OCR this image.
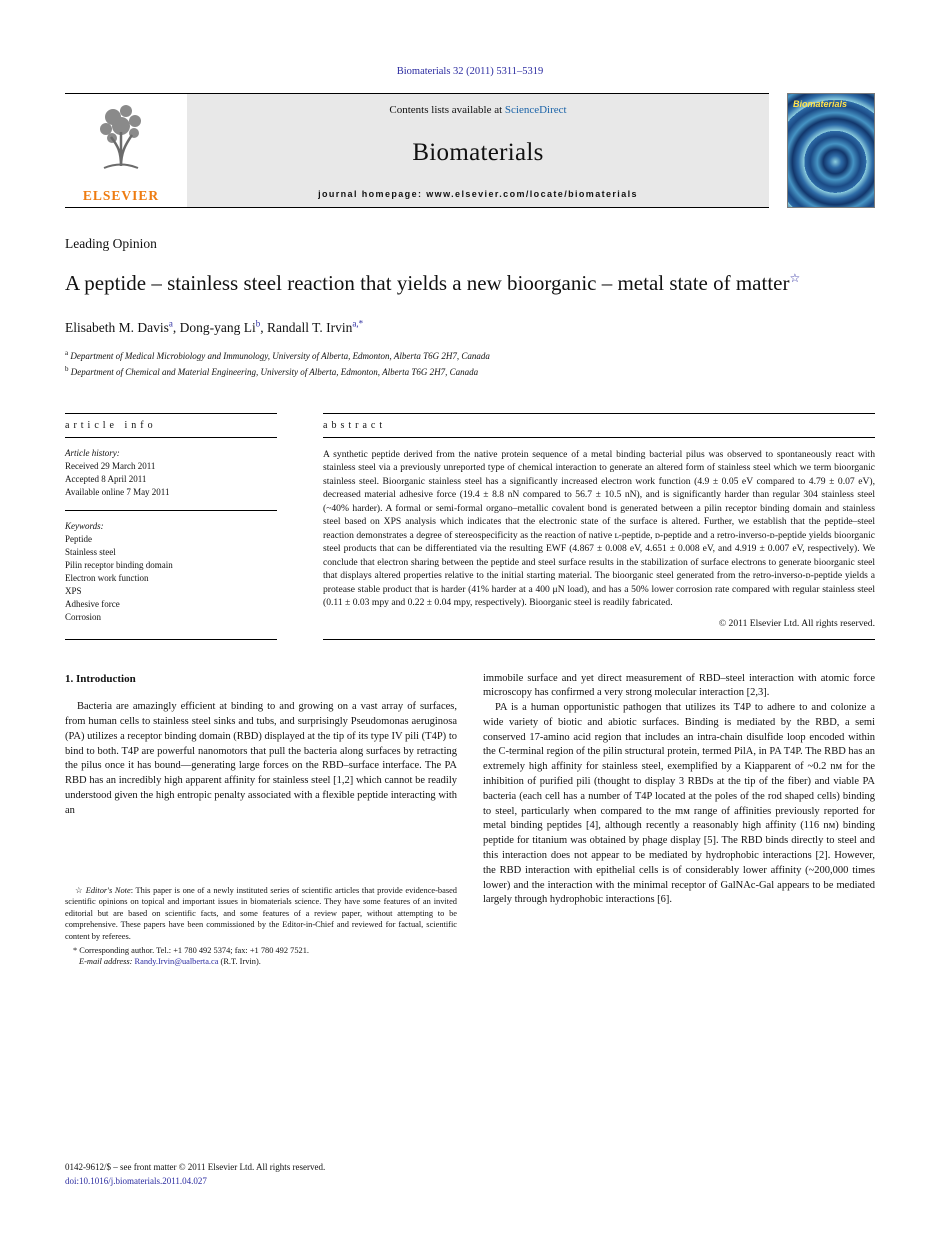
Biomaterials 32 (2011) 5311–5319
ELSEVIER
Contents lists available at ScienceDirect
Biomaterials
journal homepage: www.elsevier.com/locate/biomaterials
Biomaterials
Leading Opinion
A peptide – stainless steel reaction that yields a new bioorganic – metal state of matter☆
Elisabeth M. Davis$^a$, Dong-yang Li$^b$, Randall T. Irvin$^{a,*}$
$^a$ Department of Medical Microbiology and Immunology, University of Alberta, Edmonton, Alberta T6G 2H7, Canada
$^b$ Department of Chemical and Material Engineering, University of Alberta, Edmonton, Alberta T6G 2H7, Canada
article info
Article history:
Received 29 March 2011
Accepted 8 April 2011
Available online 7 May 2011
Keywords:
Peptide
Stainless steel
Pilin receptor binding domain
Electron work function
XPS
Adhesive force
Corrosion
abstract
A synthetic peptide derived from the native protein sequence of a metal binding bacterial pilus was observed to spontaneously react with stainless steel via a previously unreported type of chemical interaction to generate an altered form of stainless steel which we term bioorganic stainless steel. Bioorganic stainless steel has a significantly increased electron work function (4.9 ± 0.05 eV compared to 4.79 ± 0.07 eV), decreased material adhesive force (19.4 ± 8.8 nN compared to 56.7 ± 10.5 nN), and is significantly harder than regular 304 stainless steel (~40% harder). A formal or semi-formal organo–metallic covalent bond is generated between a pilin receptor binding domain and stainless steel based on XPS analysis which indicates that the electronic state of the surface is altered. Further, we establish that the peptide–steel reaction demonstrates a degree of stereospecificity as the reaction of native ʟ-peptide, ᴅ-peptide and a retro-inverso-ᴅ-peptide yields bioorganic steel products that can be differentiated via the resulting EWF (4.867 ± 0.008 eV, 4.651 ± 0.008 eV, and 4.919 ± 0.007 eV, respectively). We conclude that electron sharing between the peptide and steel surface results in the stabilization of surface electrons to generate bioorganic steel that displays altered properties relative to the initial starting material. The bioorganic steel generated from the retro-inverso-ᴅ-peptide yields a protease stable product that is harder (41% harder at a 400 μN load), and has a 50% lower corrosion rate compared with regular stainless steel (0.11 ± 0.03 mpy and 0.22 ± 0.04 mpy, respectively). Bioorganic steel is readily fabricated.
© 2011 Elsevier Ltd. All rights reserved.
1. Introduction

Bacteria are amazingly efficient at binding to and growing on a vast array of surfaces, from human cells to stainless steel sinks and tubs, and surprisingly Pseudomonas aeruginosa (PA) utilizes a receptor binding domain (RBD) displayed at the tip of its type IV pili (T4P) to bind to both. T4P are powerful nanomotors that pull the bacteria along surfaces by retracting the pilus once it has bound—generating large forces on the RBD–surface interface. The PA RBD has an incredibly high apparent affinity for stainless steel [1,2] which cannot be readily understood given the high entropic penalty associated with a flexible peptide interacting with an

☆ Editor's Note: This paper is one of a newly instituted series of scientific articles that provide evidence-based scientific opinions on topical and important issues in biomaterials science. They have some features of an invited editorial but are based on scientific facts, and some features of a review paper, without attempting to be comprehensive. These papers have been commissioned by the Editor-in-Chief and reviewed for factual, scientific content by referees.

* Corresponding author. Tel.: +1 780 492 5374; fax: +1 780 492 7521.

E-mail address: Randy.Irvin@ualberta.ca (R.T. Irvin).

immobile surface and yet direct measurement of RBD–steel interaction with atomic force microscopy has confirmed a very strong molecular interaction [2,3].

PA is a human opportunistic pathogen that utilizes its T4P to adhere to and colonize a wide variety of biotic and abiotic surfaces. Binding is mediated by the RBD, a semi conserved 17-amino acid region that includes an intra-chain disulfide loop encoded within the C-terminal region of the pilin structural protein, termed PilA, in PA T4P. The RBD has an extremely high affinity for stainless steel, exemplified by a Kiapparent of ~0.2 nᴍ for the inhibition of purified pili (thought to display 3 RBDs at the tip of the fiber) and viable PA bacteria (each cell has a number of T4P located at the poles of the rod shaped cells) binding to steel, particularly when compared to the mᴍ range of affinities previously reported for metal binding peptides [4], although recently a reasonably high affinity (116 nᴍ) binding peptide for titanium was obtained by phage display [5]. The RBD binds directly to steel and this interaction does not appear to be mediated by hydrophobic interactions [2]. However, the RBD interaction with epithelial cells is of considerably lower affinity (~200,000 times lower) and the interaction with the minimal receptor of GalNAc-Gal appears to be mediated largely through hydrophobic interactions [6].

0142-9612/$ – see front matter © 2011 Elsevier Ltd. All rights reserved.
doi:10.1016/j.biomaterials.2011.04.027
